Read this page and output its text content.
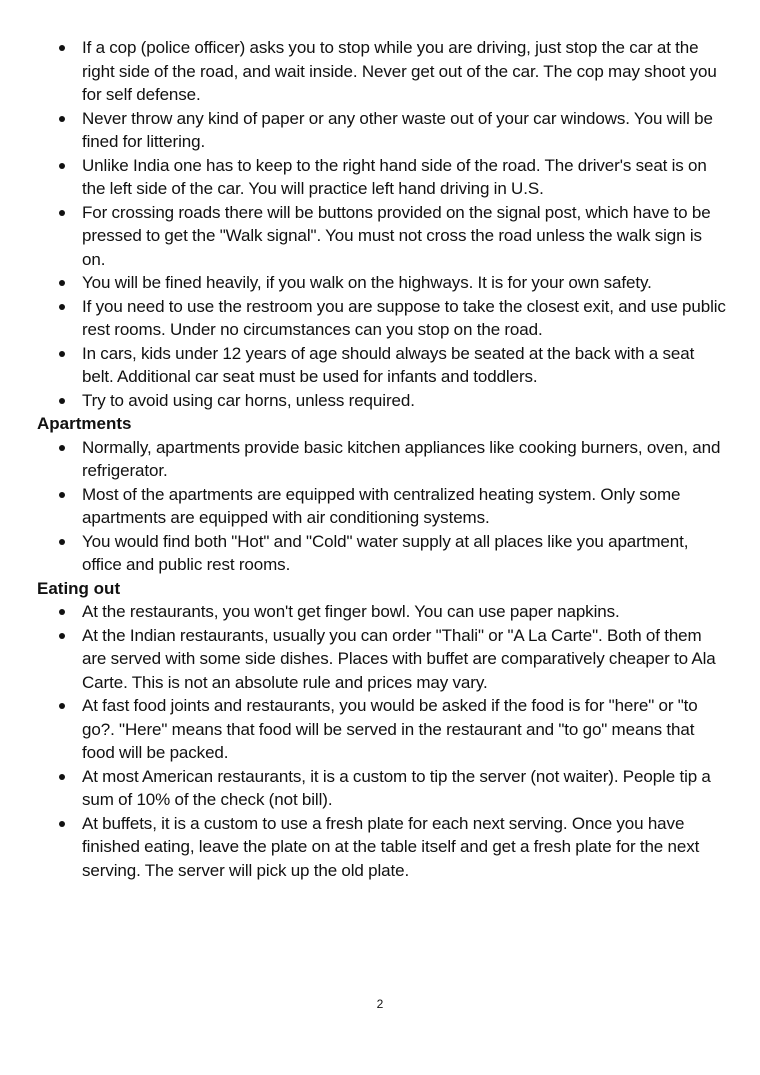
If a cop (police officer) asks you to stop while you are driving, just stop the car at the right side of the road, and wait inside. Never get out of the car. The cop may shoot you for self defense.
Never throw any kind of paper or any other waste out of your car windows. You will be fined for littering.
Unlike India one has to keep to the right hand side of the road. The driver's seat is on the left side of the car. You will practice left hand driving in U.S.
For crossing roads there will be buttons provided on the signal post, which have to be pressed to get the "Walk signal". You must not cross the road unless the walk sign is on.
You will be fined heavily, if you walk on the highways. It is for your own safety.
If you need to use the restroom you are suppose to take the closest exit, and use public rest rooms. Under no circumstances can you stop on the road.
In cars, kids under 12 years of age should always be seated at the back with a seat belt. Additional car seat must be used for infants and toddlers.
Try to avoid using car horns, unless required.
Apartments
Normally, apartments provide basic kitchen appliances like cooking burners, oven, and refrigerator.
Most of the apartments are equipped with centralized heating system. Only some apartments are equipped with air conditioning systems.
You would find both "Hot" and "Cold" water supply at all places like you apartment, office and public rest rooms.
Eating out
At the restaurants, you won't get finger bowl. You can use paper napkins.
At the Indian restaurants, usually you can order "Thali" or "A La Carte". Both of them are served with some side dishes. Places with buffet are comparatively cheaper to Ala Carte. This is not an absolute rule and prices may vary.
At fast food joints and restaurants, you would be asked if the food is for "here" or "to go?. "Here" means that food will be served in the restaurant and "to go" means that food will be packed.
At most American restaurants, it is a custom to tip the server (not waiter). People tip a sum of 10% of the check (not bill).
At buffets, it is a custom to use a fresh plate for each next serving. Once you have finished eating, leave the plate on at the table itself and get a fresh plate for the next serving. The server will pick up the old plate.
2
